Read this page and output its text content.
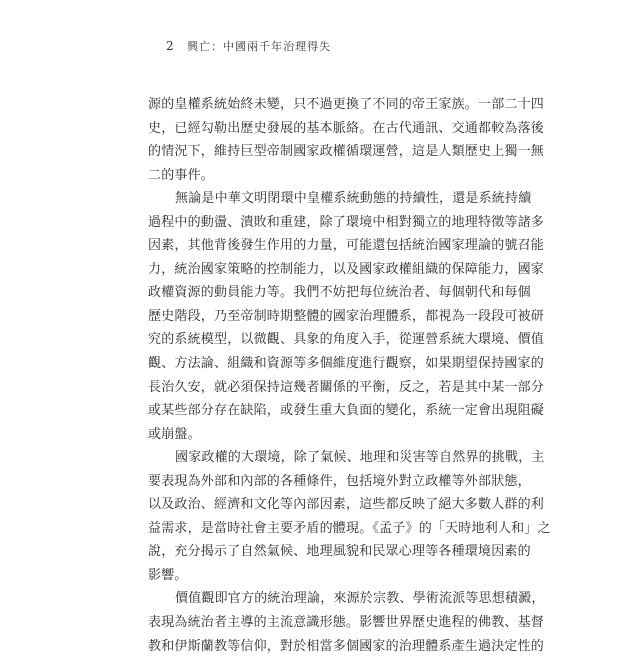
2 興亡：中國兩千年治理得失
源的皇權系統始終未變，只不過更換了不同的帝王家族。一部二十四
史，已經勾勒出歷史發展的基本脈絡。在古代通訊、交通都較為落後
的情況下，維持巨型帝制國家政權循環運營，這是人類歷史上獨一無
二的事件。
無論是中華文明閉環中皇權系統動態的持續性，還是系統持續
過程中的動盪、潰敗和重建，除了環境中相對獨立的地理特徵等諸多
因素，其他背後發生作用的力量，可能還包括統治國家理論的號召能
力，統治國家策略的控制能力，以及國家政權組織的保障能力，國家
政權資源的動員能力等。我們不妨把每位統治者、每個朝代和每個
歷史階段，乃至帝制時期整體的國家治理體系，都視為一段段可被研
究的系統模型，以微觀、具象的角度入手，從運營系統大環境、價值
觀、方法論、組織和資源等多個維度進行觀察，如果期望保持國家的
長治久安，就必須保持這幾者關係的平衡，反之，若是其中某一部分
或某些部分存在缺陷，或發生重大負面的變化，系統一定會出現阻礙
或崩盤。
國家政權的大環境，除了氣候、地理和災害等自然界的挑戰，主
要表現為外部和內部的各種條件，包括境外對立政權等外部狀態，
以及政治、經濟和文化等內部因素，這些都反映了絕大多數人群的利
益需求，是當時社會主要矛盾的體現。《孟子》的「天時地利人和」之
說，充分揭示了自然氣候、地理風貌和民眾心理等各種環境因素的
影響。
價值觀即官方的統治理論，來源於宗教、學術流派等思想積澱，
表現為統治者主導的主流意識形態。影響世界歷史進程的佛教、基督
教和伊斯蘭教等信仰，對於相當多個國家的治理體系產生過決定性的
